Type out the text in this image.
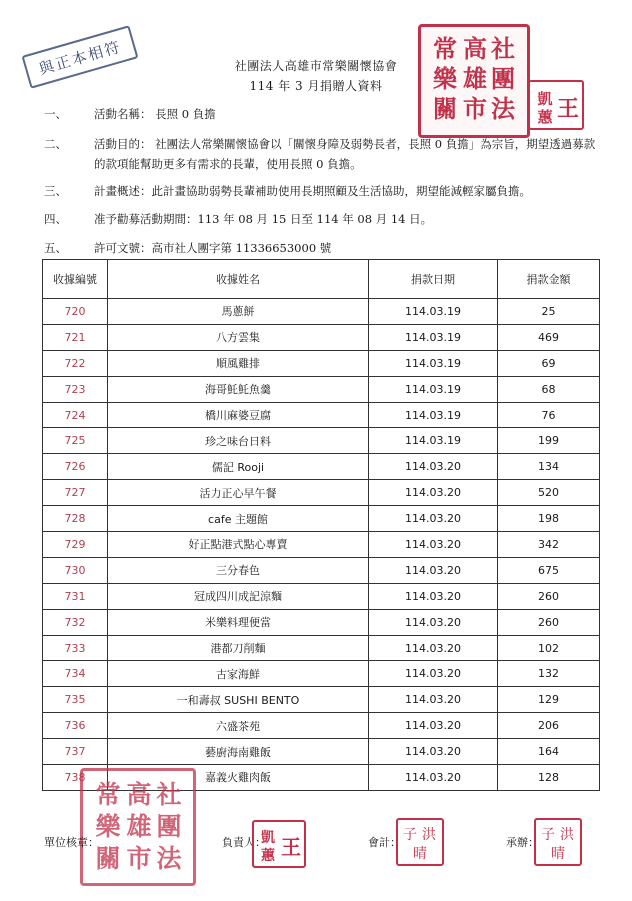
與正本相符	社團法人高雄市常樂關懷協會
114 年 3 月捐贈人資料
社
團
法
高
雄
市
常
樂
關	凱
蕙 王
一、 活動名稱： 長照 0 負擔
二、	活動目的： 社團法人常樂關懷協會以「關懷身障及弱勢長者，長照 0 負擔」為宗旨，期望透過募款的款項能幫助更多有需求的長輩，使用長照 0 負擔。
三、 計畫概述：此計畫協助弱勢長輩補助使用長期照顧及生活協助，期望能減輕家屬負擔。
四、 准予勸募活動期間：113 年 08 月 15 日至 114 年 08 月 14 日。
五、 許可文號：高市社人團字第 11336653000 號
收據編號	收據姓名	捐款日期	捐款金額
720	馬蔥餅	114.03.19	25
721	八方雲集	114.03.19	469
722	順風雞排	114.03.19	69
723	海哥魠魠魚羹	114.03.19	68
724	橋川麻婆豆腐	114.03.19	76
725	珍之味台日料	114.03.19	199
726	儒記 Rooji	114.03.20	134
727	活力正心早午餐	114.03.20	520
728	cafe 主題館	114.03.20	198
729	好正點港式點心專賣	114.03.20	342
730	三分春色	114.03.20	675
731	冠成四川成記涼麵	114.03.20	260
732	米樂料理便當	114.03.20	260
733	港都刀削麵	114.03.20	102
734	古家海鮮	114.03.20	132
735	一和壽叔 SUSHI BENTO	114.03.20	129
736	六盛茶苑	114.03.20	206
737	藝廚海南雞飯	114.03.20	164
738	嘉義火雞肉飯	114.03.20	128
社
團
法
高
雄
市
常
樂
關
單位核章：	負責人：
凱
蕙 王	會計： 子 洪
晴
承辦： 子 洪
晴
